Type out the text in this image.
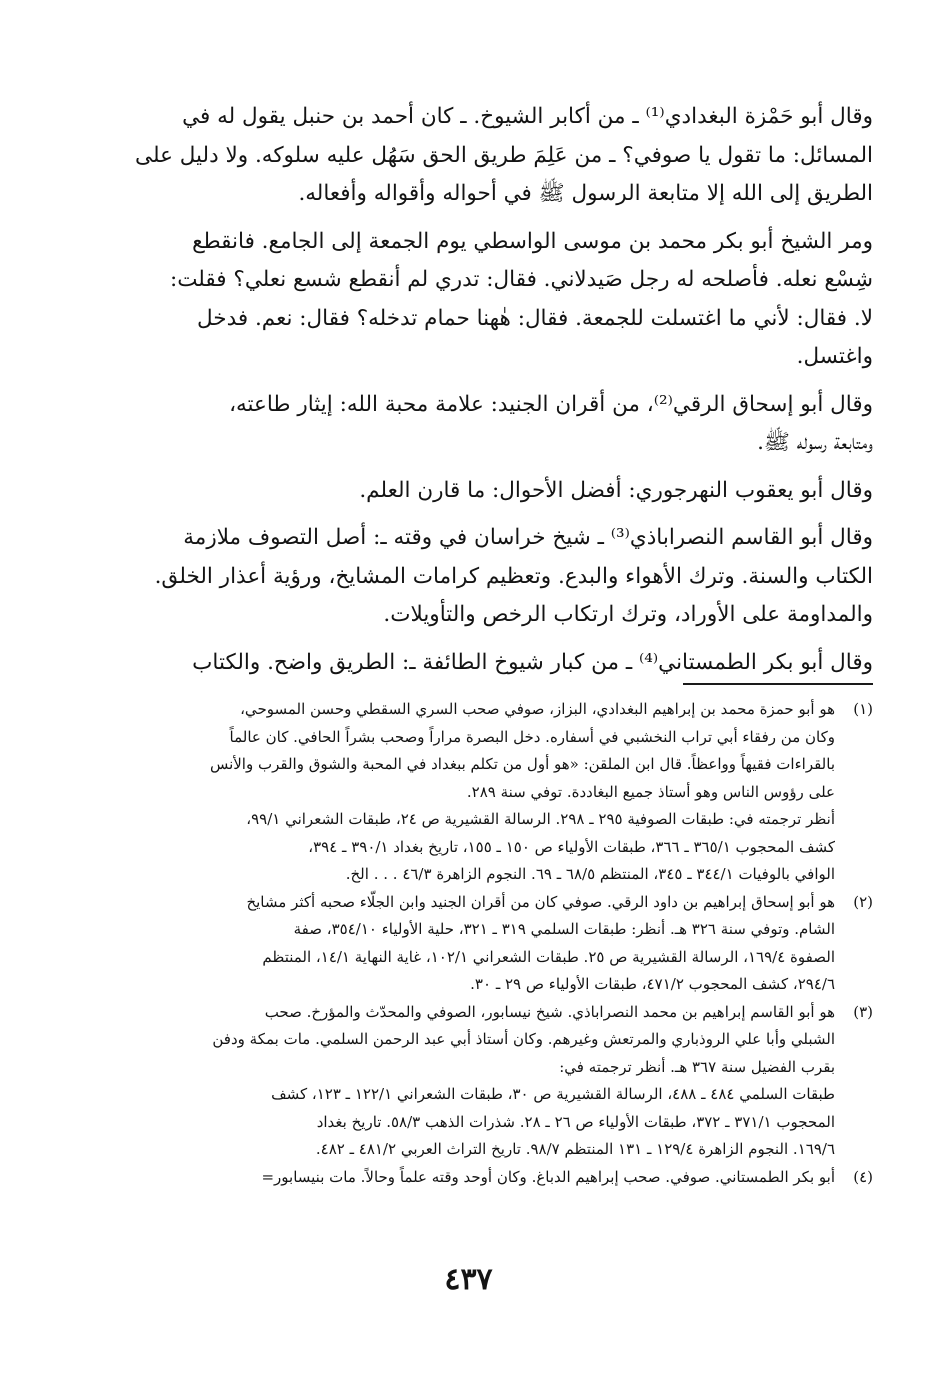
وقال أبو حَمْزة البغدادي⁽¹⁾ ـ من أكابر الشيوخ. ـ كان أحمد بن حنبل يقول له في
المسائل: ما تقول يا صوفي؟ ـ من عَلِمَ طريق الحق سَهُل عليه سلوكه. ولا دليل على
الطريق إلى الله إلا متابعة الرسول ﷺ في أحواله وأقواله وأفعاله.

ومر الشيخ أبو بكر محمد بن موسى الواسطي يوم الجمعة إلى الجامع. فانقطع
شِسْع نعله. فأصلحه له رجل صَيدلاني. فقال: تدري لم أنقطع شسع نعلي؟ فقلت:
لا. فقال: لأني ما اغتسلت للجمعة. فقال: هٰهنا حمام تدخله؟ فقال: نعم. فدخل
واغتسل.

وقال أبو إسحاق الرقي⁽²⁾، من أقران الجنيد: علامة محبة الله: إيثار طاعته،
ومتابعة رسوله ﷺ.

وقال أبو يعقوب النهرجوري: أفضل الأحوال: ما قارن العلم.

وقال أبو القاسم النصراباذي⁽³⁾ ـ شيخ خراسان في وقته ـ: أصل التصوف ملازمة
الكتاب والسنة. وترك الأهواء والبدع. وتعظيم كرامات المشايخ، ورؤية أعذار الخلق.
والمداومة على الأوراد، وترك ارتكاب الرخص والتأويلات.

وقال أبو بكر الطمستاني⁽⁴⁾ ـ من كبار شيوخ الطائفة ـ: الطريق واضح. والكتاب

(١)
هو أبو حمزة محمد بن إبراهيم البغدادي، البزاز، صوفي صحب السري السقطي وحسن المسوحي،
وكان من رفقاء أبي تراب النخشبي في أسفاره. دخل البصرة مراراً وصحب بشراً الحافي. كان عالماً
بالقراءات فقيهاً وواعظاً. قال ابن الملقن: «هو أول من تكلم ببغداد في المحبة والشوق والقرب والأنس
على رؤوس الناس وهو أستاذ جميع البغاددة. توفي سنة ٢٨٩.
أنظر ترجمته في: طبقات الصوفية ٢٩٥ ـ ٢٩٨. الرسالة القشيرية ص ٢٤، طبقات الشعراني ٩٩/١،
كشف المحجوب ٣٦٥/١ ـ ٣٦٦، طبقات الأولياء ص ١٥٠ ـ ١٥٥، تاريخ بغداد ٣٩٠/١ ـ ٣٩٤،
الوافي بالوفيات ٣٤٤/١ ـ ٣٤٥، المنتظم ٦٨/٥ ـ ٦٩. النجوم الزاهرة ٤٦/٣ . . . الخ.
(٢)
هو أبو إسحاق إبراهيم بن داود الرقي. صوفي كان من أقران الجنيد وابن الجلّاء صحبه أكثر مشايخ
الشام. وتوفي سنة ٣٢٦ هـ. أنظر: طبقات السلمي ٣١٩ ـ ٣٢١، حلية الأولياء ٣٥٤/١٠، صفة
الصفوة ١٦٩/٤، الرسالة القشيرية ص ٢٥. طبقات الشعراني ١٠٢/١، غاية النهاية ١٤/١، المنتظم
٢٩٤/٦، كشف المحجوب ٤٧١/٢، طبقات الأولياء ص ٢٩ ـ ٣٠.
(٣)
هو أبو القاسم إبراهيم بن محمد النصراباذي. شيخ نيسابور، الصوفي والمحدّث والمؤرخ. صحب
الشبلي وأبا علي الروذباري والمرتعش وغيرهم. وكان أستاذ أبي عبد الرحمن السلمي. مات بمكة ودفن
بقرب الفضيل سنة ٣٦٧ هـ. أنظر ترجمته في:
طبقات السلمي ٤٨٤ ـ ٤٨٨، الرسالة القشيرية ص ٣٠، طبقات الشعراني ١٢٢/١ ـ ١٢٣، كشف
المحجوب ٣٧١/١ ـ ٣٧٢، طبقات الأولياء ص ٢٦ ـ ٢٨. شذرات الذهب ٥٨/٣. تاريخ بغداد
١٦٩/٦. النجوم الزاهرة ١٢٩/٤ ـ ١٣١ المنتظم ٩٨/٧. تاريخ التراث العربي ٤٨١/٢ ـ ٤٨٢.
(٤)
أبو بكر الطمستاني. صوفي. صحب إبراهيم الدباغ. وكان أوحد وقته علماً وحالاً. مات بنيسابور=
٤٣٧
